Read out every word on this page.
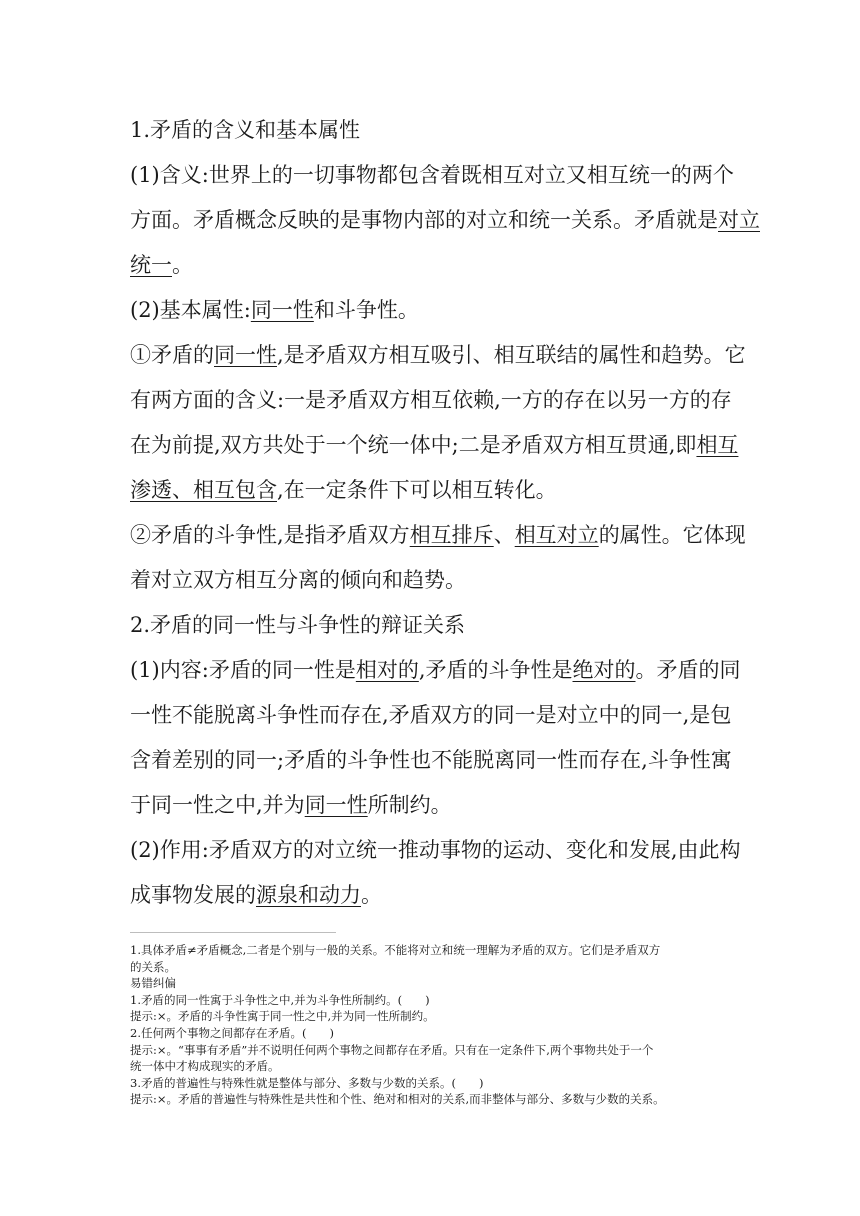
1.矛盾的含义和基本属性
(1)含义:世界上的一切事物都包含着既相互对立又相互统一的两个
方面。矛盾概念反映的是事物内部的对立和统一关系。矛盾就是对立
统一。
(2)基本属性:同一性和斗争性。
①矛盾的同一性,是矛盾双方相互吸引、相互联结的属性和趋势。它
有两方面的含义:一是矛盾双方相互依赖,一方的存在以另一方的存
在为前提,双方共处于一个统一体中;二是矛盾双方相互贯通,即相互
渗透、相互包含,在一定条件下可以相互转化。
②矛盾的斗争性,是指矛盾双方相互排斥、相互对立的属性。它体现
着对立双方相互分离的倾向和趋势。
2.矛盾的同一性与斗争性的辩证关系
(1)内容:矛盾的同一性是相对的,矛盾的斗争性是绝对的。矛盾的同
一性不能脱离斗争性而存在,矛盾双方的同一是对立中的同一,是包
含着差别的同一;矛盾的斗争性也不能脱离同一性而存在,斗争性寓
于同一性之中,并为同一性所制约。
(2)作用:矛盾双方的对立统一推动事物的运动、变化和发展,由此构
成事物发展的源泉和动力。
1.具体矛盾≠矛盾概念,二者是个别与一般的关系。不能将对立和统一理解为矛盾的双方。它们是矛盾双方
的关系。
易错纠偏
1.矛盾的同一性寓于斗争性之中,并为斗争性所制约。(　　)
提示:×。矛盾的斗争性寓于同一性之中,并为同一性所制约。
2.任何两个事物之间都存在矛盾。(　　)
提示:×。“事事有矛盾”并不说明任何两个事物之间都存在矛盾。只有在一定条件下,两个事物共处于一个
统一体中才构成现实的矛盾。
3.矛盾的普遍性与特殊性就是整体与部分、多数与少数的关系。(　　)
提示:×。矛盾的普遍性与特殊性是共性和个性、绝对和相对的关系,而非整体与部分、多数与少数的关系。
